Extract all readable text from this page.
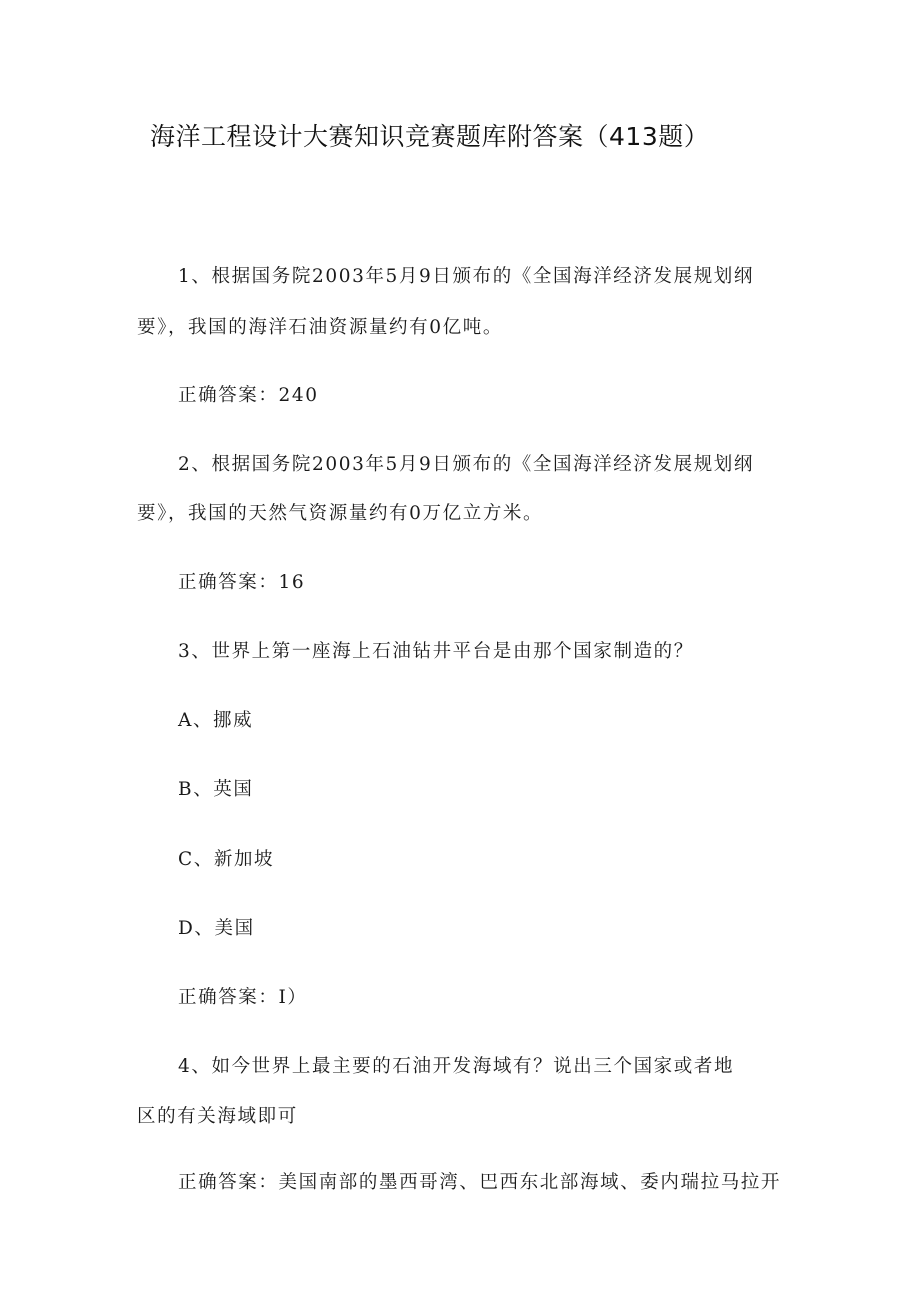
海洋工程设计大赛知识竞赛题库附答案（413题）
1、根据国务院2003年5月9日颁布的《全国海洋经济发展规划纲
要》，我国的海洋石油资源量约有0亿吨。
正确答案：240
2、根据国务院2003年5月9日颁布的《全国海洋经济发展规划纲
要》，我国的天然气资源量约有0万亿立方米。
正确答案：16
3、世界上第一座海上石油钻井平台是由那个国家制造的？
A、挪威
B、英国
C、新加坡
D、美国
正确答案：I）
4、如今世界上最主要的石油开发海域有？说出三个国家或者地
区的有关海域即可
正确答案：美国南部的墨西哥湾、巴西东北部海域、委内瑞拉马拉开
